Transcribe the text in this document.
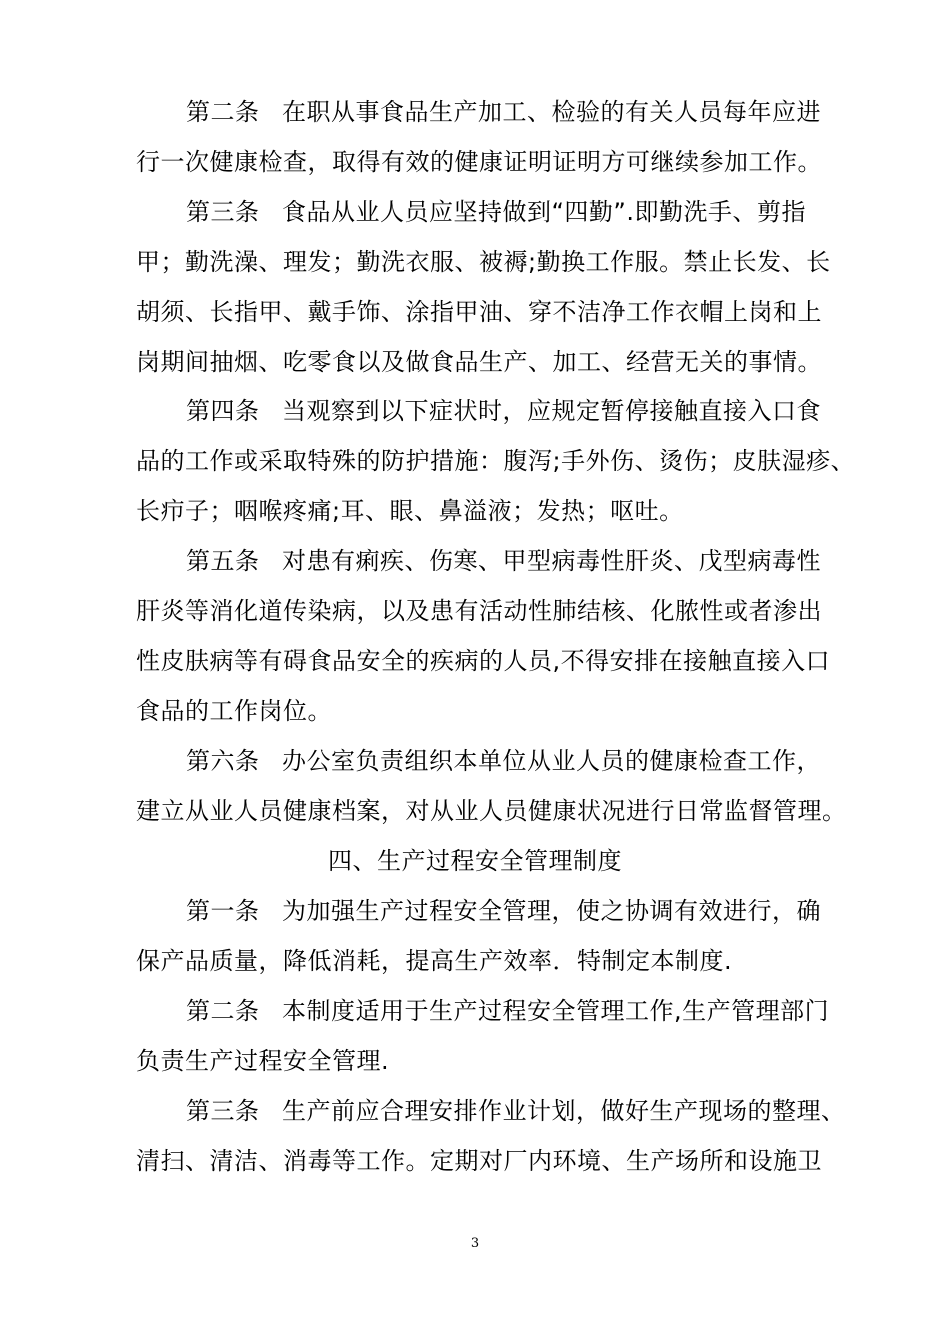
第二条 在职从事食品生产加工、检验的有关人员每年应进
行一次健康检查，取得有效的健康证明证明方可继续参加工作。
第三条 食品从业人员应坚持做到“四勤”.即勤洗手、剪指
甲；勤洗澡、理发；勤洗衣服、被褥;勤换工作服。禁止长发、长
胡须、长指甲、戴手饰、涂指甲油、穿不洁净工作衣帽上岗和上
岗期间抽烟、吃零食以及做食品生产、加工、经营无关的事情。
第四条 当观察到以下症状时，应规定暂停接触直接入口食
品的工作或采取特殊的防护措施：腹泻;手外伤、烫伤；皮肤湿疹、
长疖子；咽喉疼痛;耳、眼、鼻溢液；发热；呕吐。
第五条 对患有痢疾、伤寒、甲型病毒性肝炎、戊型病毒性
肝炎等消化道传染病，以及患有活动性肺结核、化脓性或者渗出
性皮肤病等有碍食品安全的疾病的人员,不得安排在接触直接入口
食品的工作岗位。
第六条 办公室负责组织本单位从业人员的健康检查工作，
建立从业人员健康档案，对从业人员健康状况进行日常监督管理。
四、生产过程安全管理制度
第一条 为加强生产过程安全管理，使之协调有效进行，确
保产品质量，降低消耗，提高生产效率．特制定本制度.
第二条 本制度适用于生产过程安全管理工作,生产管理部门
负责生产过程安全管理.
第三条 生产前应合理安排作业计划，做好生产现场的整理、
清扫、清洁、消毒等工作。定期对厂内环境、生产场所和设施卫
3
